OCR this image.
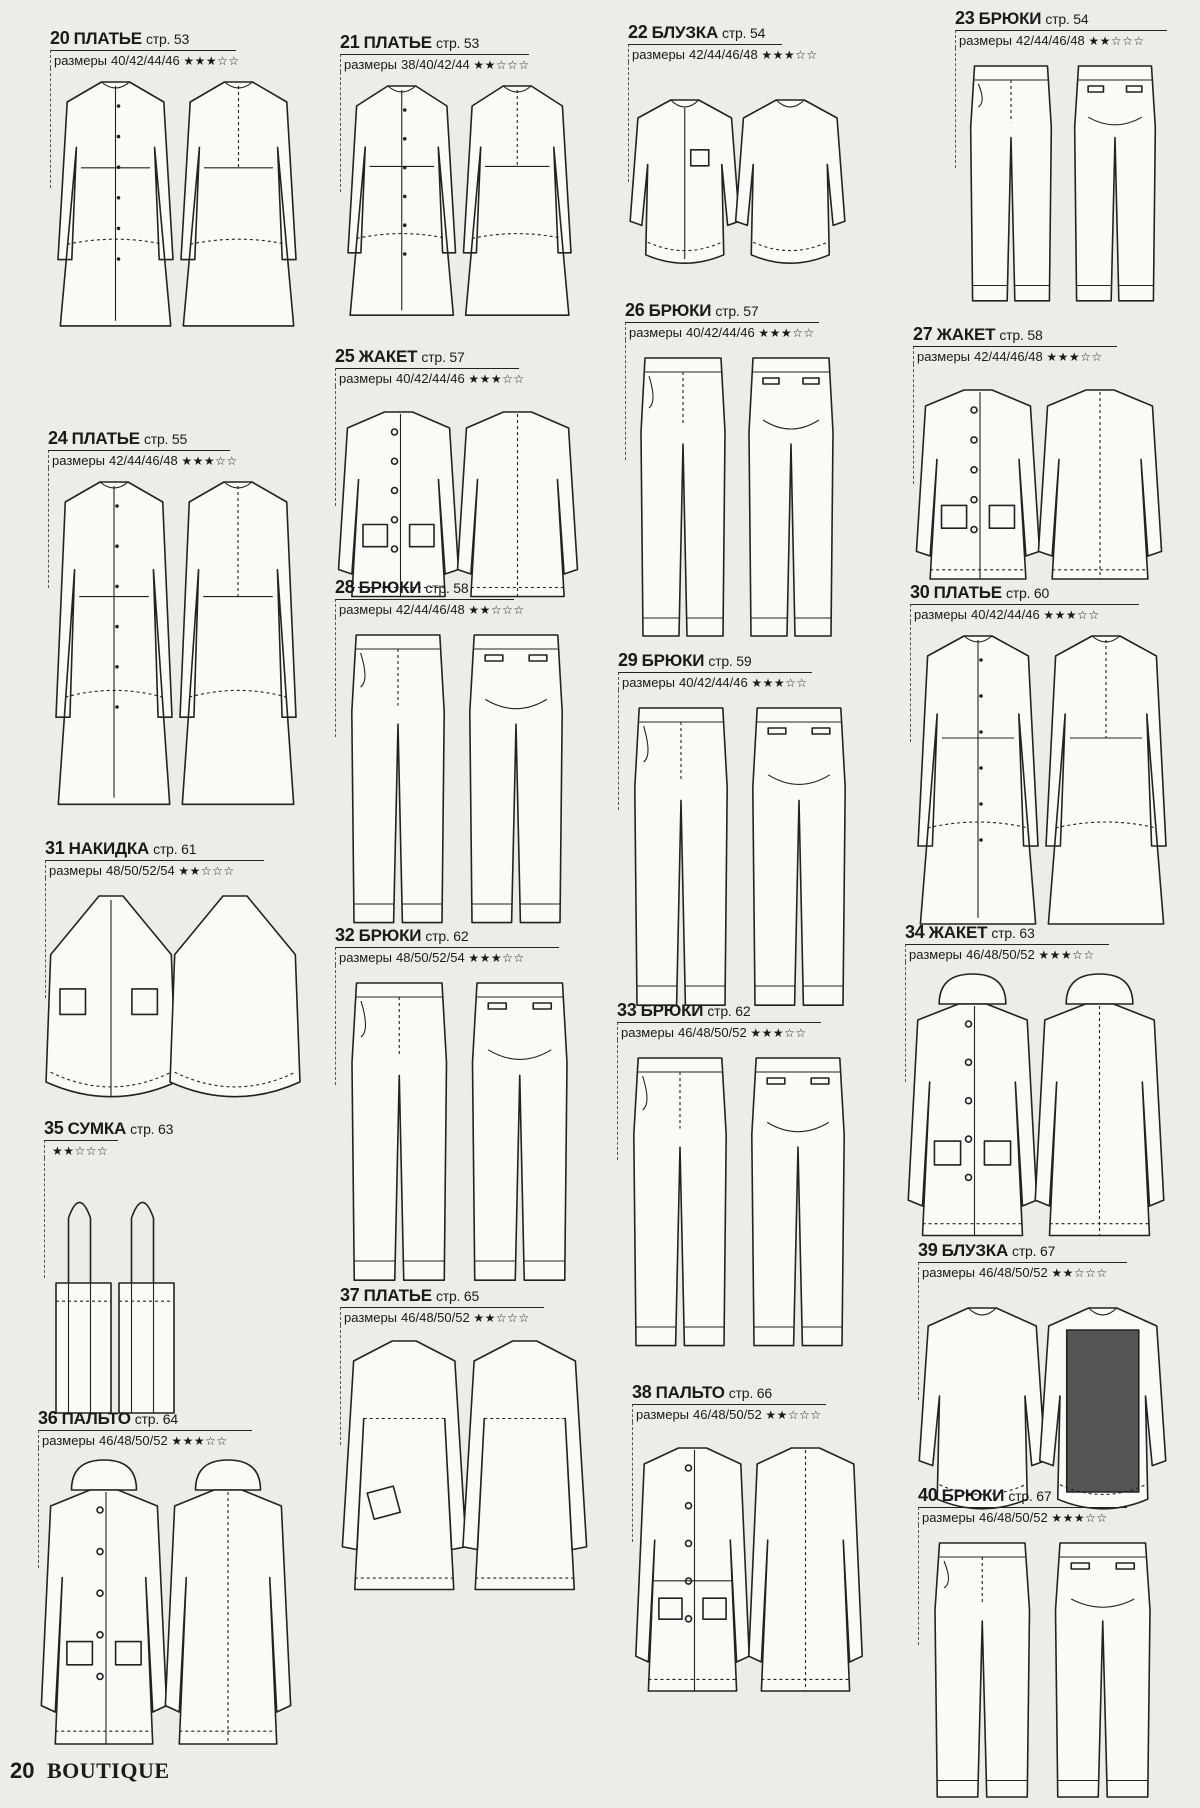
20 ПЛАТЬЕ стр. 53
размеры 40/42/44/46 ★★★☆☆
21 ПЛАТЬЕ стр. 53
размеры 38/40/42/44 ★★☆☆☆
22 БЛУЗКА стр. 54
размеры 42/44/46/48 ★★★☆☆
23 БРЮКИ стр. 54
размеры 42/44/46/48 ★★☆☆☆
24 ПЛАТЬЕ стр. 55
размеры 42/44/46/48 ★★★☆☆
25 ЖАКЕТ стр. 57
размеры 40/42/44/46 ★★★☆☆
26 БРЮКИ стр. 57
размеры 40/42/44/46 ★★★☆☆	27 ЖАКЕТ стр. 58
размеры 42/44/46/48 ★★★☆☆
28 БРЮКИ стр. 58
размеры 42/44/46/48 ★★☆☆☆
29 БРЮКИ стр. 59
размеры 40/42/44/46 ★★★☆☆
30 ПЛАТЬЕ стр. 60
размеры 40/42/44/46 ★★★☆☆
31 НАКИДКА стр. 61
размеры 48/50/52/54 ★★☆☆☆
32 БРЮКИ стр. 62
размеры 48/50/52/54 ★★★☆☆
33 БРЮКИ стр. 62
размеры 46/48/50/52 ★★★☆☆
34 ЖАКЕТ стр. 63
размеры 46/48/50/52 ★★★☆☆
35 СУМКА стр. 63
★★☆☆☆
36 ПАЛЬТО стр. 64
размеры 46/48/50/52 ★★★☆☆
37 ПЛАТЬЕ стр. 65
размеры 46/48/50/52 ★★☆☆☆
38 ПАЛЬТО стр. 66
размеры 46/48/50/52 ★★☆☆☆
39 БЛУЗКА стр. 67
размеры 46/48/50/52 ★★☆☆☆
40 БРЮКИ стр. 67
размеры 46/48/50/52 ★★★☆☆
20 BOUTIQUE
